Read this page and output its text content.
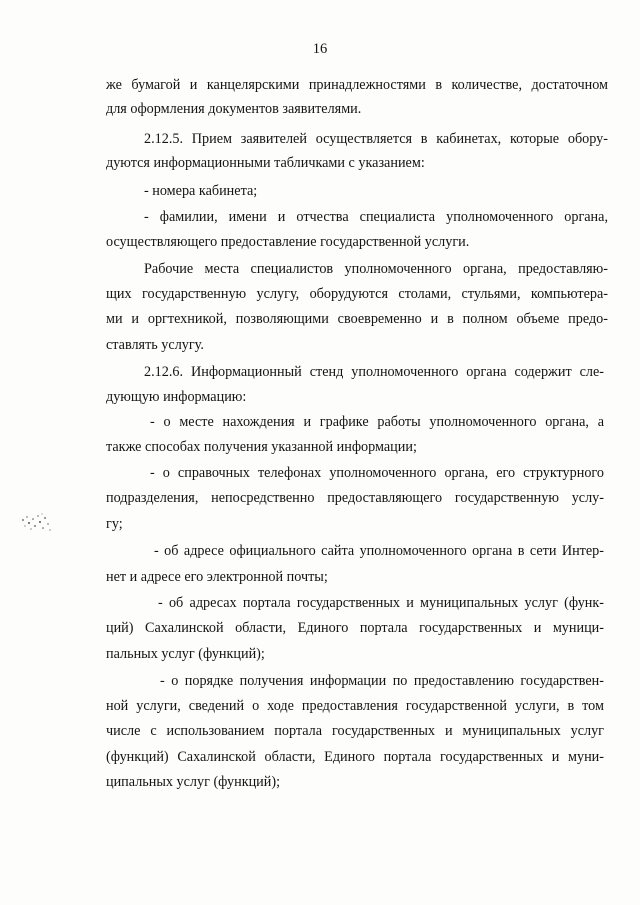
16
же бумагой и канцелярскими принадлежностями в количестве, достаточном
для оформления документов заявителями.
2.12.5. Прием заявителей осуществляется в кабинетах, которые обору-
дуются информационными табличками с указанием:
- номера кабинета;
- фамилии, имени и отчества специалиста уполномоченного органа,
осуществляющего предоставление государственной услуги.
Рабочие места специалистов уполномоченного органа, предоставляю-
щих государственную услугу, оборудуются столами, стульями, компьютера-
ми и оргтехникой, позволяющими своевременно и в полном объеме предо-
ставлять услугу.
2.12.6. Информационный стенд уполномоченного органа содержит сле-
дующую информацию:
- о месте нахождения и графике работы уполномоченного органа, а
также способах получения указанной информации;
- о справочных телефонах уполномоченного органа, его структурного
подразделения, непосредственно предоставляющего государственную услу-
гу;
- об адресе официального сайта уполномоченного органа в сети Интер-
нет и адресе его электронной почты;
- об адресах портала государственных и муниципальных услуг (функ-
ций) Сахалинской области, Единого портала государственных и муници-
пальных услуг (функций);
- о порядке получения информации по предоставлению государствен-
ной услуги, сведений о ходе предоставления государственной услуги, в том
числе с использованием портала государственных и муниципальных услуг
(функций) Сахалинской области, Единого портала государственных и муни-
ципальных услуг (функций);
